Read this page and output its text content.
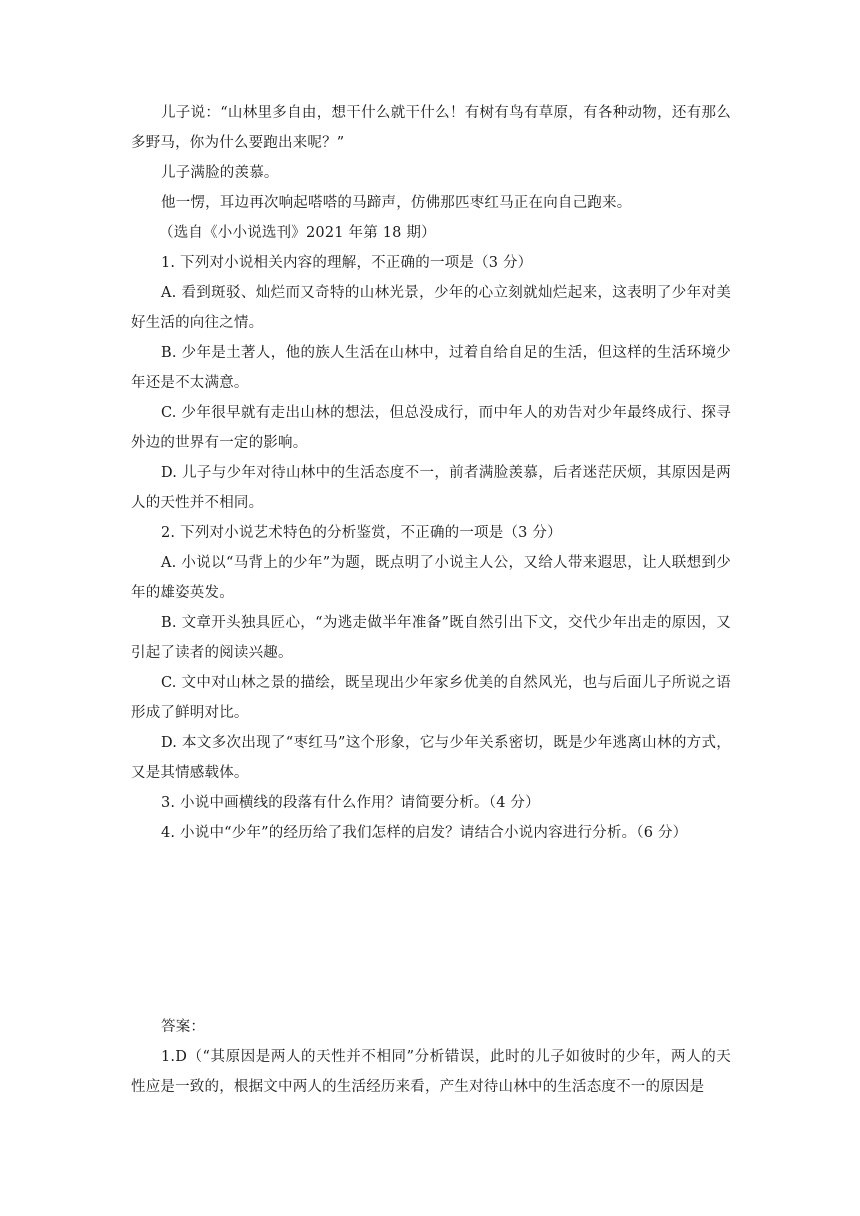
儿子说：“山林里多自由，想干什么就干什么！有树有鸟有草原，有各种动物，还有那么多野马，你为什么要跑出来呢？”

儿子满脸的羡慕。

他一愣，耳边再次响起嗒嗒的马蹄声，仿佛那匹枣红马正在向自己跑来。

（选自《小小说选刊》2021 年第 18 期）

1. 下列对小说相关内容的理解，不正确的一项是（3 分）

A. 看到斑驳、灿烂而又奇特的山林光景，少年的心立刻就灿烂起来，这表明了少年对美好生活的向往之情。

B. 少年是土著人，他的族人生活在山林中，过着自给自足的生活，但这样的生活环境少年还是不太满意。

C. 少年很早就有走出山林的想法，但总没成行，而中年人的劝告对少年最终成行、探寻外边的世界有一定的影响。

D. 儿子与少年对待山林中的生活态度不一，前者满脸羡慕，后者迷茫厌烦，其原因是两人的天性并不相同。

2. 下列对小说艺术特色的分析鉴赏，不正确的一项是（3 分）

A. 小说以“马背上的少年”为题，既点明了小说主人公，又给人带来遐思，让人联想到少年的雄姿英发。

B. 文章开头独具匠心，“为逃走做半年准备”既自然引出下文，交代少年出走的原因，又引起了读者的阅读兴趣。

C. 文中对山林之景的描绘，既呈现出少年家乡优美的自然风光，也与后面儿子所说之语形成了鲜明对比。

D. 本文多次出现了“枣红马”这个形象，它与少年关系密切，既是少年逃离山林的方式，又是其情感载体。

3. 小说中画横线的段落有什么作用？请简要分析。（4 分）

4. 小说中“少年”的经历给了我们怎样的启发？请结合小说内容进行分析。（6 分）

答案：

1.D（“其原因是两人的天性并不相同”分析错误，此时的儿子如彼时的少年，两人的天性应是一致的，根据文中两人的生活经历来看，产生对待山林中的生活态度不一的原因是
